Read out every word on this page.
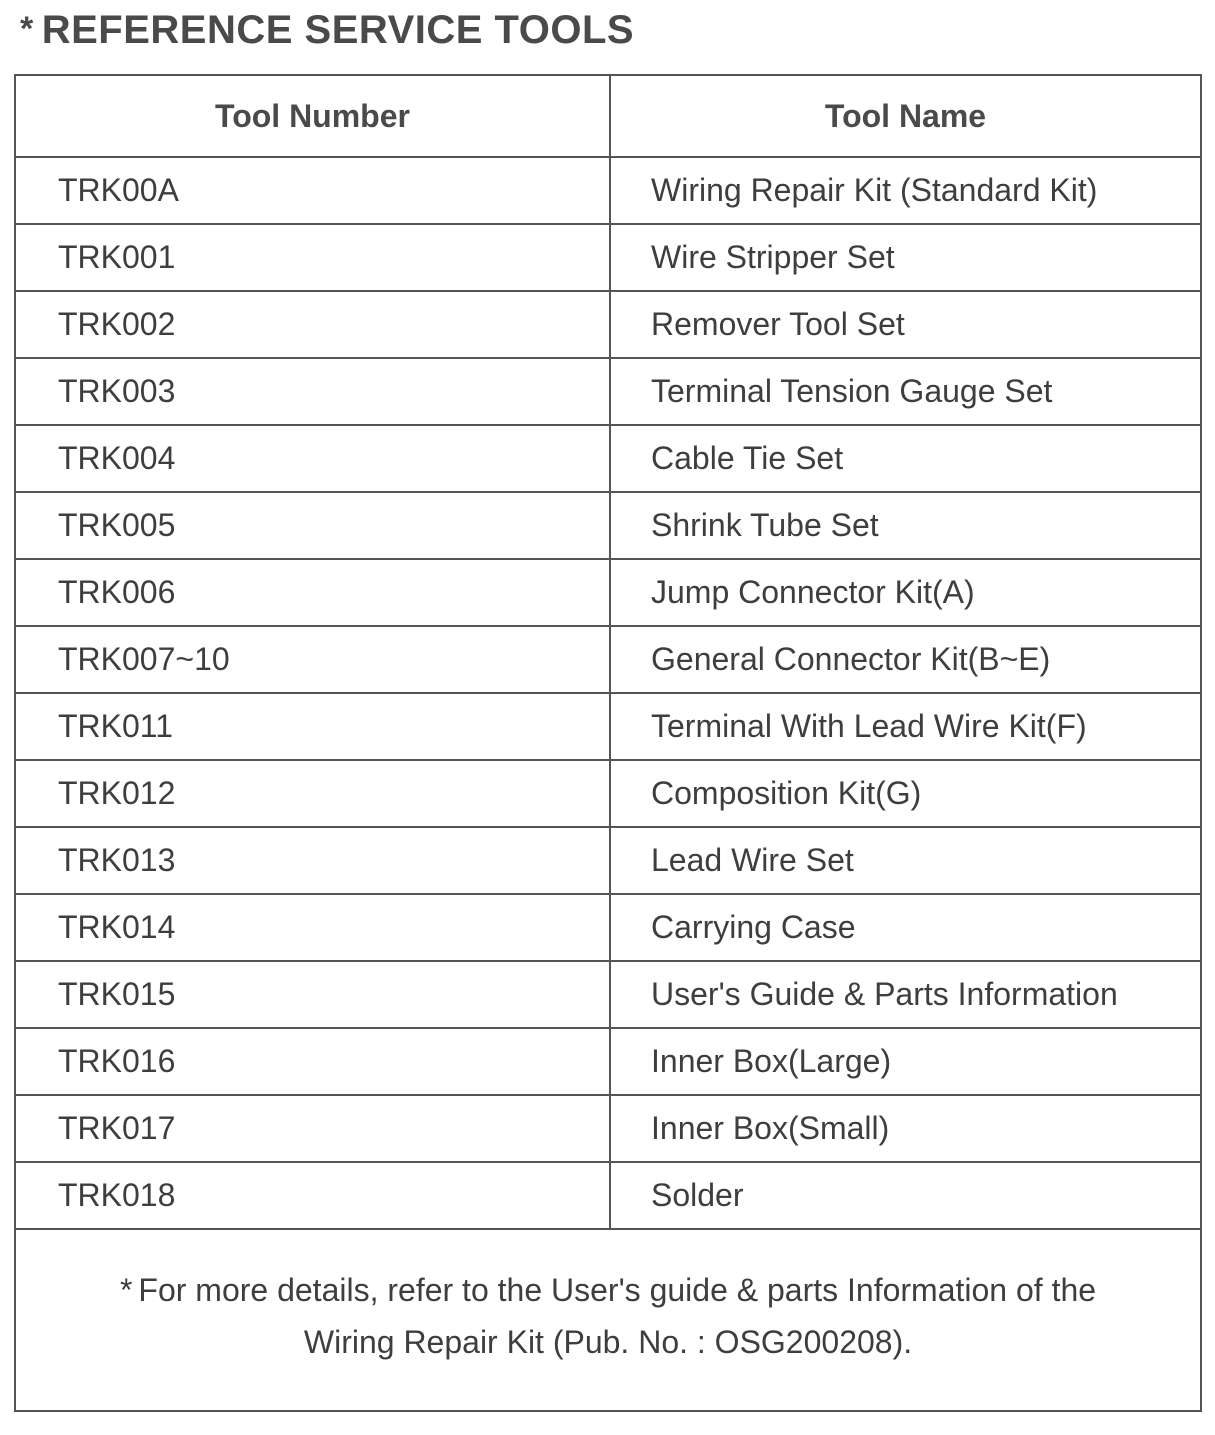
* REFERENCE SERVICE TOOLS
Tool Number	Tool Name
TRK00A	Wiring Repair Kit (Standard Kit)
TRK001	Wire Stripper Set
TRK002	Remover Tool Set
TRK003	Terminal Tension Gauge Set
TRK004	Cable Tie Set
TRK005	Shrink Tube Set
TRK006	Jump Connector Kit(A)
TRK007~10	General Connector Kit(B~E)
TRK011	Terminal With Lead Wire Kit(F)
TRK012	Composition Kit(G)
TRK013	Lead Wire Set
TRK014	Carrying Case
TRK015	User's Guide & Parts Information
TRK016	Inner Box(Large)
TRK017	Inner Box(Small)
TRK018	Solder
* For more details, refer to the User's guide & parts Information of the
Wiring Repair Kit (Pub. No. : OSG200208).
